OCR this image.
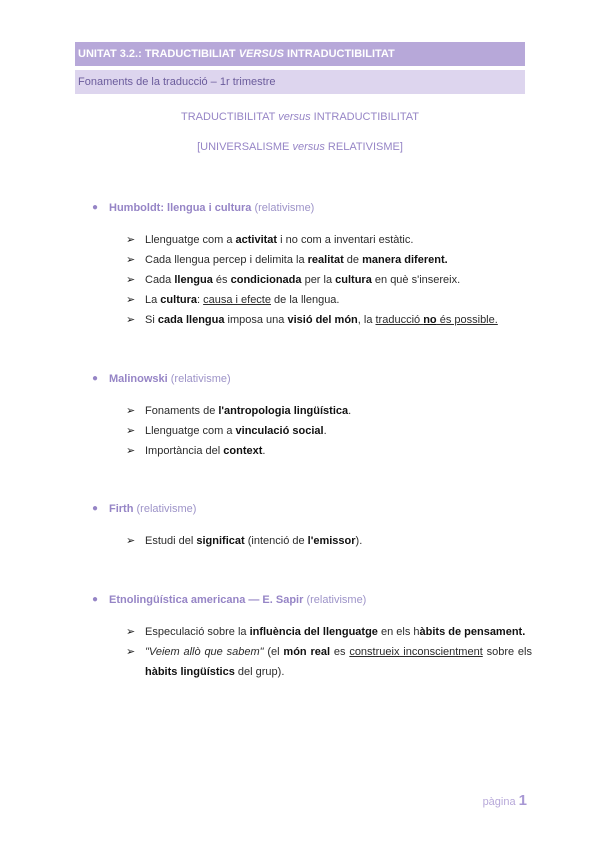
UNITAT 3.2.: TRADUCTIBILIAT VERSUS INTRADUCTIBILITAT
Fonaments de la traducció – 1r trimestre
TRADUCTIBILITAT versus INTRADUCTIBILITAT
[UNIVERSALISME versus RELATIVISME]
● Humboldt: llengua i cultura (relativisme)
➢ Llenguatge com a activitat i no com a inventari estàtic.
➢ Cada llengua percep i delimita la realitat de manera diferent.
➢ Cada llengua és condicionada per la cultura en què s'insereix.
➢ La cultura: causa i efecte de la llengua.
➢ Si cada llengua imposa una visió del món, la traducció no és possible.
● Malinowski (relativisme)
➢ Fonaments de l'antropologia lingüística.
➢ Llenguatge com a vinculació social.
➢ Importància del context.
● Firth (relativisme)
➢ Estudi del significat (intenció de l'emissor).
● Etnolingüística americana — E. Sapir (relativisme)
➢ Especulació sobre la influència del llenguatge en els hàbits de pensament.
➢ "Veiem allò que sabem" (el món real es construeix inconscientment sobre els hàbits lingüístics del grup).
pàgina 1
